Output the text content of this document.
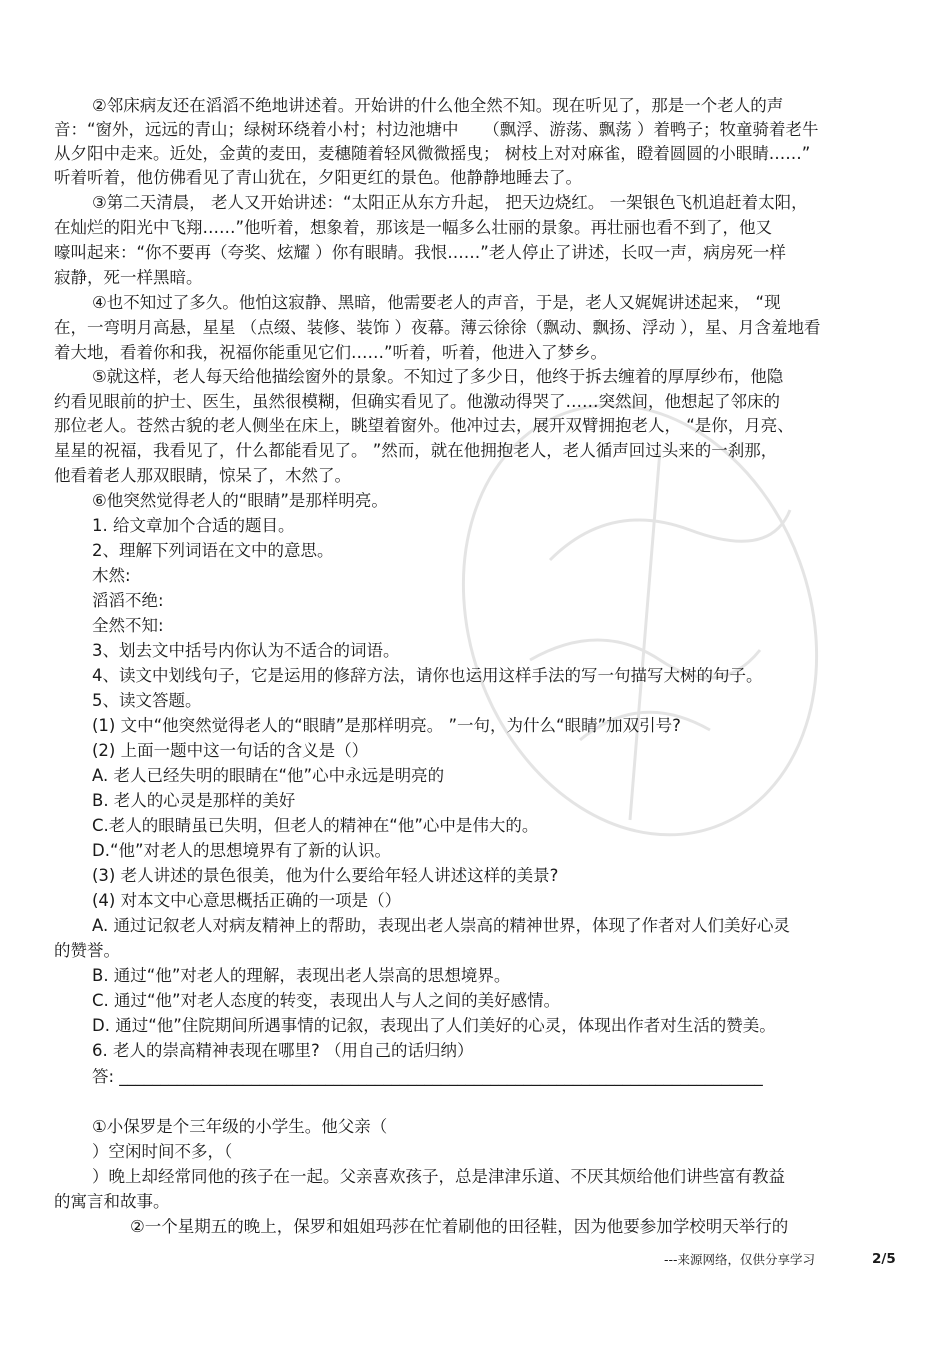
②邻床病友还在滔滔不绝地讲述着。开始讲的什么他全然不知。现在听见了，那是一个老人的声
音：“窗外，远远的青山；绿树环绕着小村；村边池塘中　　（飘浮、游荡、飘荡 ）着鸭子；牧童骑着老牛
从夕阳中走来。近处，金黄的麦田，麦穗随着轻风微微摇曳； 树枝上对对麻雀，瞪着圆圆的小眼睛……”
听着听着，他仿佛看见了青山犹在，夕阳更红的景色。他静静地睡去了。
③第二天清晨， 老人又开始讲述：“太阳正从东方升起， 把天边烧红。 一架银色飞机追赶着太阳，
在灿烂的阳光中飞翔……”他听着，想象着，那该是一幅多么壮丽的景象。再壮丽也看不到了，他又
嚎叫起来：“你不要再（夸奖、炫耀 ）你有眼睛。我恨……”老人停止了讲述，长叹一声，病房死一样
寂静，死一样黑暗。
④也不知过了多久。他怕这寂静、黑暗，他需要老人的声音，于是，老人又娓娓讲述起来， “现
在，一弯明月高悬，星星 （点缀、装修、装饰 ）夜幕。薄云徐徐（飘动、飘扬、浮动 ），星、月含羞地看
着大地，看着你和我，祝福你能重见它们……”听着，听着，他进入了梦乡。
⑤就这样，老人每天给他描绘窗外的景象。不知过了多少日，他终于拆去缠着的厚厚纱布，他隐
约看见眼前的护士、医生，虽然很模糊，但确实看见了。他激动得哭了……突然间，他想起了邻床的
那位老人。苍然古貌的老人侧坐在床上，眺望着窗外。他冲过去，展开双臂拥抱老人， “是你，月亮、
星星的祝福，我看见了，什么都能看见了。 ”然而，就在他拥抱老人，老人循声回过头来的一刹那，
他看着老人那双眼睛，惊呆了，木然了。
⑥他突然觉得老人的“眼睛”是那样明亮。
1. 给文章加个合适的题目。
2、理解下列词语在文中的意思。
木然:
滔滔不绝:
全然不知:
3、划去文中括号内你认为不适合的词语。
4、读文中划线句子，它是运用的修辞方法，请你也运用这样手法的写一句描写大树的句子。
5、读文答题。
(1) 文中“他突然觉得老人的“眼睛”是那样明亮。 ”一句，为什么“眼睛”加双引号?
(2) 上面一题中这一句话的含义是（）
A. 老人已经失明的眼睛在“他”心中永远是明亮的
B. 老人的心灵是那样的美好
C.老人的眼睛虽已失明，但老人的精神在“他”心中是伟大的。
D.“他”对老人的思想境界有了新的认识。
(3) 老人讲述的景色很美，他为什么要给年轻人讲述这样的美景?
(4) 对本文中心意思概括正确的一项是（）
A. 通过记叙老人对病友精神上的帮助，表现出老人崇高的精神世界，体现了作者对人们美好心灵
的赞誉。
B. 通过“他”对老人的理解，表现出老人崇高的思想境界。
C. 通过“他”对老人态度的转变，表现出人与人之间的美好感情。
D. 通过“他”住院期间所遇事情的记叙，表现出了人们美好的心灵，体现出作者对生活的赞美。
6. 老人的崇高精神表现在哪里? （用自己的话归纳）
答: ______________________________________________________________________________
①小保罗是个三年级的小学生。他父亲（
）空闲时间不多，（
）晚上却经常同他的孩子在一起。父亲喜欢孩子，总是津津乐道、不厌其烦给他们讲些富有教益
的寓言和故事。
②一个星期五的晚上，保罗和姐姐玛莎在忙着刷他的田径鞋，因为他要参加学校明天举行的
---来源网络，仅供分享学习	2/5
